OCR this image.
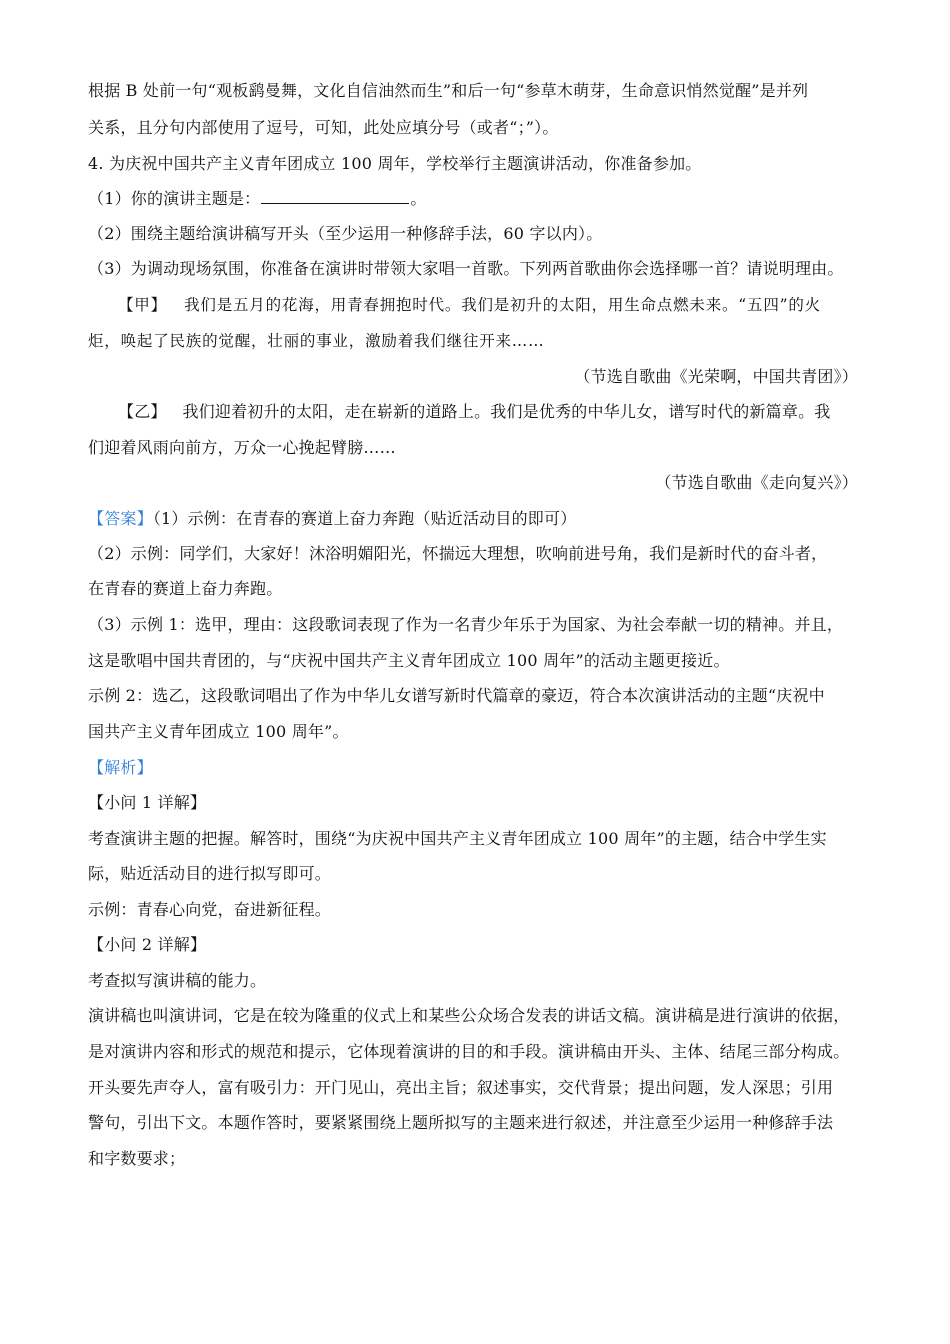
根据 B 处前一句“观板鹞曼舞，文化自信油然而生”和后一句“参草木萌芽，生命意识悄然觉醒”是并列
关系，且分句内部使用了逗号，可知，此处应填分号（或者“；”）。
4. 为庆祝中国共产主义青年团成立 100 周年，学校举行主题演讲活动，你准备参加。
（1）你的演讲主题是：	。
（2）围绕主题给演讲稿写开头（至少运用一种修辞手法，60 字以内）。
（3）为调动现场氛围，你准备在演讲时带领大家唱一首歌。下列两首歌曲你会选择哪一首？请说明理由。
【甲】 我们是五月的花海，用青春拥抱时代。我们是初升的太阳，用生命点燃未来。“五四”的火
炬，唤起了民族的觉醒，壮丽的事业，激励着我们继往开来……
（节选自歌曲《光荣啊，中国共青团》）
【乙】 我们迎着初升的太阳，走在崭新的道路上。我们是优秀的中华儿女，谱写时代的新篇章。我
们迎着风雨向前方，万众一心挽起臂膀……
（节选自歌曲《走向复兴》）
【答案】（1）示例：在青春的赛道上奋力奔跑（贴近活动目的即可）
（2）示例：同学们，大家好！沐浴明媚阳光，怀揣远大理想，吹响前进号角，我们是新时代的奋斗者，
在青春的赛道上奋力奔跑。
（3）示例 1：选甲，理由：这段歌词表现了作为一名青少年乐于为国家、为社会奉献一切的精神。并且，
这是歌唱中国共青团的，与“庆祝中国共产主义青年团成立 100 周年”的活动主题更接近。
示例 2：选乙，这段歌词唱出了作为中华儿女谱写新时代篇章的豪迈，符合本次演讲活动的主题“庆祝中
国共产主义青年团成立 100 周年”。
【解析】
【小问 1 详解】
考查演讲主题的把握。解答时，围绕“为庆祝中国共产主义青年团成立 100 周年”的主题，结合中学生实
际，贴近活动目的进行拟写即可。
示例：青春心向党，奋进新征程。
【小问 2 详解】
考查拟写演讲稿的能力。
演讲稿也叫演讲词，它是在较为隆重的仪式上和某些公众场合发表的讲话文稿。演讲稿是进行演讲的依据，
是对演讲内容和形式的规范和提示，它体现着演讲的目的和手段。演讲稿由开头、主体、结尾三部分构成。
开头要先声夺人，富有吸引力：开门见山，亮出主旨；叙述事实，交代背景；提出问题，发人深思；引用
警句，引出下文。本题作答时，要紧紧围绕上题所拟写的主题来进行叙述，并注意至少运用一种修辞手法
和字数要求；
